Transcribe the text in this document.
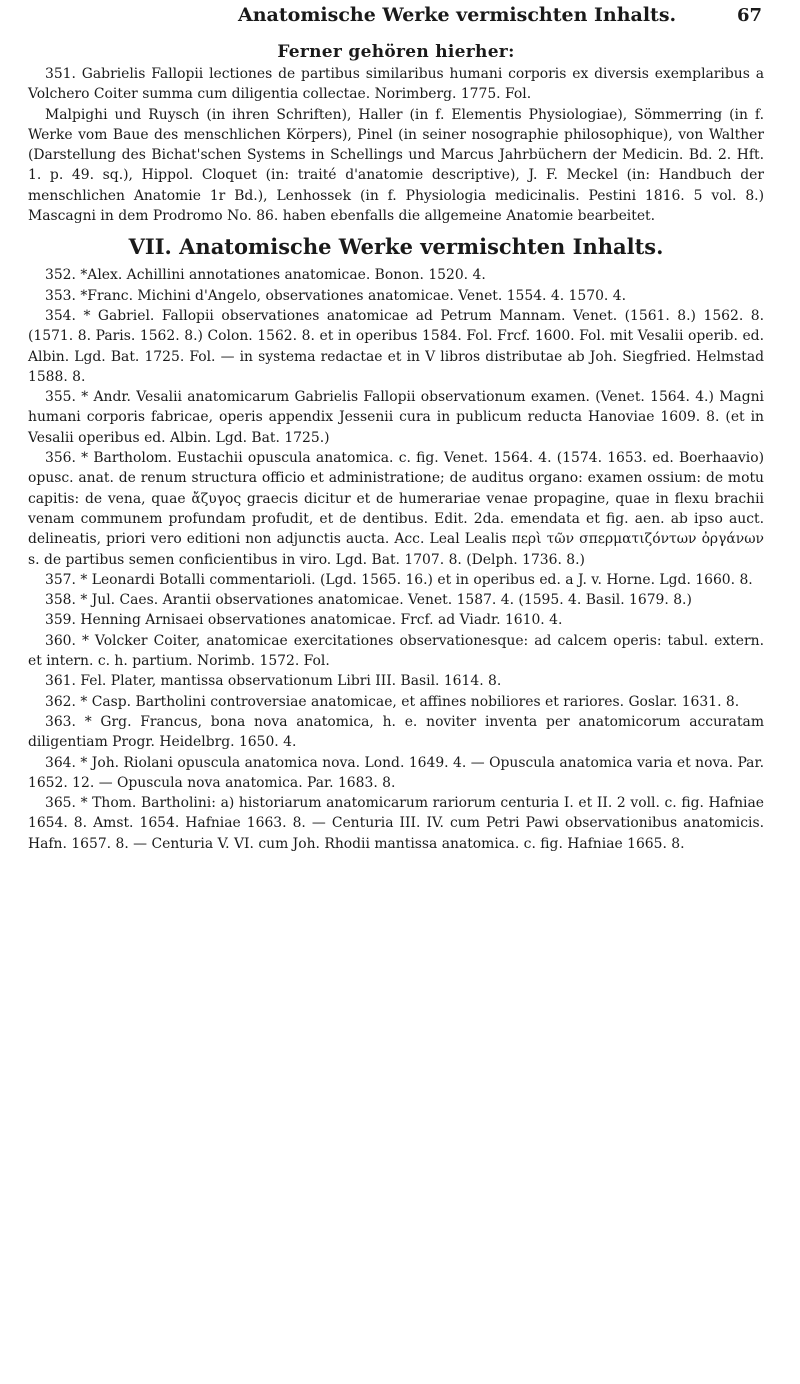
Anatomische Werke vermischten Inhalts.	67
Ferner gehören hierher:

351. Gabrielis Fallopii lectiones de partibus similaribus humani corporis ex diversis exemplaribus a Volchero Coiter summa cum diligentia collectae. Norimberg. 1775. Fol.

Malpighi und Ruysch (in ihren Schriften), Haller (in f. Elementis Physiologiae), Sömmerring (in f. Werke vom Baue des menschlichen Körpers), Pinel (in seiner nosographie philosophique), von Walther (Darstellung des Bichat'schen Systems in Schellings und Marcus Jahrbüchern der Medicin. Bd. 2. Hft. 1. p. 49. sq.), Hippol. Cloquet (in: traité d'anatomie descriptive), J. F. Meckel (in: Handbuch der menschlichen Anatomie 1r Bd.), Lenhossek (in f. Physiologia medicinalis. Pestini 1816. 5 vol. 8.) Mascagni in dem Prodromo No. 86. haben ebenfalls die allgemeine Anatomie bearbeitet.

VII. Anatomische Werke vermischten Inhalts.

352. *Alex. Achillini annotationes anatomicae. Bonon. 1520. 4.

353. *Franc. Michini d'Angelo, observationes anatomicae. Venet. 1554. 4. 1570. 4.

354. * Gabriel. Fallopii observationes anatomicae ad Petrum Mannam. Venet. (1561. 8.) 1562. 8. (1571. 8. Paris. 1562. 8.) Colon. 1562. 8. et in operibus 1584. Fol. Frcf. 1600. Fol. mit Vesalii operib. ed. Albin. Lgd. Bat. 1725. Fol. — in systema redactae et in V libros distributae ab Joh. Siegfried. Helmstad 1588. 8.

355. * Andr. Vesalii anatomicarum Gabrielis Fallopii observationum examen. (Venet. 1564. 4.) Magni humani corporis fabricae, operis appendix Jessenii cura in publicum reducta Hanoviae 1609. 8. (et in Vesalii operibus ed. Albin. Lgd. Bat. 1725.)

356. * Bartholom. Eustachii opuscula anatomica. c. fig. Venet. 1564. 4. (1574. 1653. ed. Boerhaavio) opusc. anat. de renum structura officio et administratione; de auditus organo: examen ossium: de motu capitis: de vena, quae ἄζυγος graecis dicitur et de humerariae venae propagine, quae in flexu brachii venam communem profundam profudit, et de dentibus. Edit. 2da. emendata et fig. aen. ab ipso auct. delineatis, priori vero editioni non adjunctis aucta. Acc. Leal Lealis περὶ τῶν σπερματιζόντων ὀργάνων s. de partibus semen conficientibus in viro. Lgd. Bat. 1707. 8. (Delph. 1736. 8.)

357. * Leonardi Botalli commentarioli. (Lgd. 1565. 16.) et in operibus ed. a J. v. Horne. Lgd. 1660. 8.

358. * Jul. Caes. Arantii observationes anatomicae. Venet. 1587. 4. (1595. 4. Basil. 1679. 8.)

359. Henning Arnisaei observationes anatomicae. Frcf. ad Viadr. 1610. 4.

360. * Volcker Coiter, anatomicae exercitationes observationesque: ad calcem operis: tabul. extern. et intern. c. h. partium. Norimb. 1572. Fol.

361. Fel. Plater, mantissa observationum Libri III. Basil. 1614. 8.

362. * Casp. Bartholini controversiae anatomicae, et affines nobiliores et rariores. Goslar. 1631. 8.

363. * Grg. Francus, bona nova anatomica, h. e. noviter inventa per anatomicorum accuratam diligentiam Progr. Heidelbrg. 1650. 4.

364. * Joh. Riolani opuscula anatomica nova. Lond. 1649. 4. — Opuscula anatomica varia et nova. Par. 1652. 12. — Opuscula nova anatomica. Par. 1683. 8.

365. * Thom. Bartholini: a) historiarum anatomicarum rariorum centuria I. et II. 2 voll. c. fig. Hafniae 1654. 8. Amst. 1654. Hafniae 1663. 8. — Centuria III. IV. cum Petri Pawi observationibus anatomicis. Hafn. 1657. 8. — Centuria V. VI. cum Joh. Rhodii mantissa anatomica. c. fig. Hafniae 1665. 8.
